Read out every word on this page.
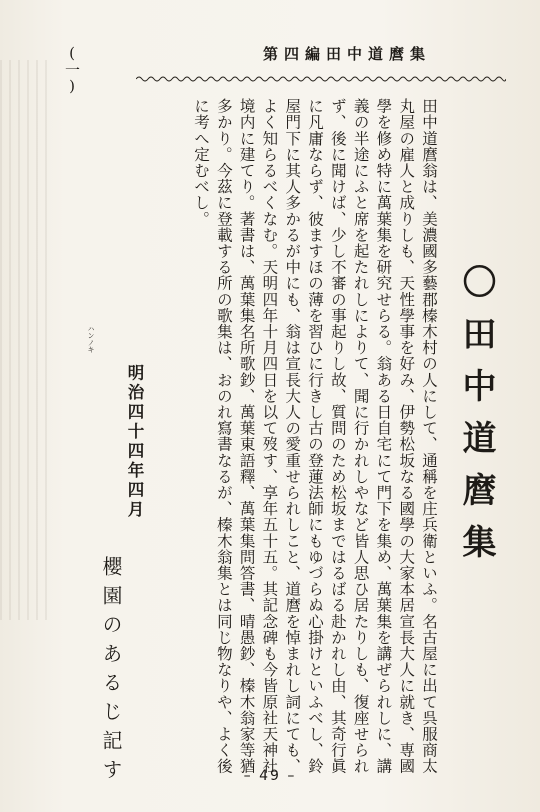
(一)	第 四 編 田 中 道 麿 集
〇田中道麿集

田中道麿翁は、美濃國多藝郡榛木村の人にして、通稱を庄兵衛といふ。名古屋に出て呉服商太丸屋の雇人と成りしも、天性學事を好み、伊勢松坂なる國學の大家本居宣長大人に就き、専國學を修め特に萬葉集を研究せらる。翁ある日自宅にて門下を集め、萬葉集を講ぜられしに、講義の半途にふと席を起たれしによりて、聞に行かれしやなど皆人思ひ居たりしも、復座せられず、後に聞けば、少し不審の事起りし故、質問のため松坂まではるばる赴かれし由、其奇行眞に凡庸ならず、彼ますほの薄を習ひに行きし古の登蓮法師にもゆづらぬ心掛けといふべし、鈴屋門下に其人多かるが中にも、翁は宣長大人の愛重せられしこと、道麿を悼まれし詞にても、よく知らるべくなむ。天明四年十月四日を以て歿す、享年五十五。其記念碑も今皆原社天神社境内に建てり。著書は、萬葉集名所歌鈔、萬葉東語釋、萬葉集問答書、晴愚鈔、榛木翁家等猶多かり。今茲に登載する所の歌集は、おのれ寫書なるが、榛木翁集とは同じ物なりや、よく後に考へ定むべし。

ハンノキ
明治四十四年四月
櫻園のあるじ記す	– 49 –
